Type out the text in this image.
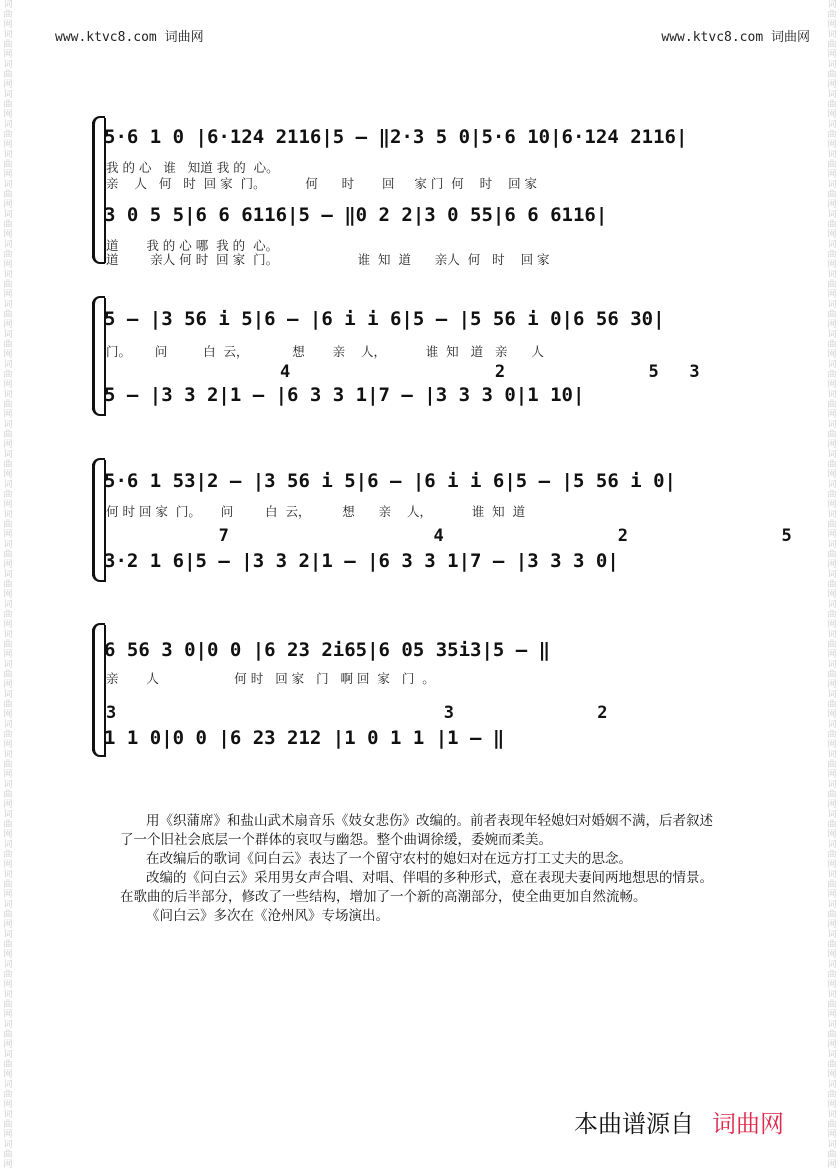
词曲网词曲网词曲网词曲网词曲网词曲网词曲网词曲网词曲网词曲网词曲网词曲网词曲网词曲网词曲网词曲网词曲网词曲网词曲网词曲网词曲网词曲网词曲网词曲网词曲网词曲网词曲网词曲网词曲网词曲网词曲网词曲网词曲网词曲网词曲网词曲网词曲网词曲网词曲网
词曲网词曲网词曲网词曲网词曲网词曲网词曲网词曲网词曲网词曲网词曲网词曲网词曲网词曲网词曲网词曲网词曲网词曲网词曲网词曲网词曲网词曲网词曲网词曲网词曲网词曲网词曲网词曲网词曲网词曲网词曲网词曲网词曲网词曲网词曲网词曲网词曲网词曲网词曲网
www.ktvc8.com 词曲网	www.ktvc8.com 词曲网
5·6 1 0 |6·124 2116|5 – ‖2·3 5 0|5·6 10|6·124 2116|
我 的 心   谁   知道 我 的  心。
亲    人   何   时  回 家  门。          何      时       回     家 门  何    时    回 家
3 0 5 5|6 6 6116|5 – ‖0 2 2|3 0 55|6 6 6116|
道       我 的 心 哪  我 的  心。
道        亲人 何 时  回 家  门。                    谁  知  道      亲人  何   时    回 家
5 – |3 56 i 5|6 – |6 i i 6|5 – |5 56 i 0|6 56 30|
门。      问         白  云，           想       亲    人，          谁  知   道   亲      人
4                    2              5   3
5 – |3 3 2|1 – |6 3 3 1|7 – |3 3 3 0|1 10|
5·6 1 53|2 – |3 56 i 5|6 – |6 i i 6|5 – |5 56 i 0|
何 时 回 家  门。     问        白  云，        想      亲    人，          谁  知  道
7                    4                 2               5
3·2 1 6|5 – |3 3 2|1 – |6 3 3 1|7 – |3 3 3 0|
6 56 3 0|0 0 |6 23 2i65|6 05 35i3|5 – ‖
亲       人                   何 时   回 家   门   啊 回  家   门  。
3                                3              2
1 1 0|0 0 |6 23 212 |1 0 1 1 |1 – ‖

用《织蒲席》和盐山武术扇音乐《妓女悲伤》改编的。前者表现年轻媳妇对婚姻不满，后者叙述了一个旧社会底层一个群体的哀叹与幽怨。整个曲调徐缓，委婉而柔美。

在改编后的歌词《问白云》表达了一个留守农村的媳妇对在远方打工丈夫的思念。

改编的《问白云》采用男女声合唱、对唱、伴唱的多种形式，意在表现夫妻间两地想思的情景。在歌曲的后半部分，修改了一些结构，增加了一个新的高潮部分，使全曲更加自然流畅。

《问白云》多次在《沧州风》专场演出。

本曲谱源自 词曲网
